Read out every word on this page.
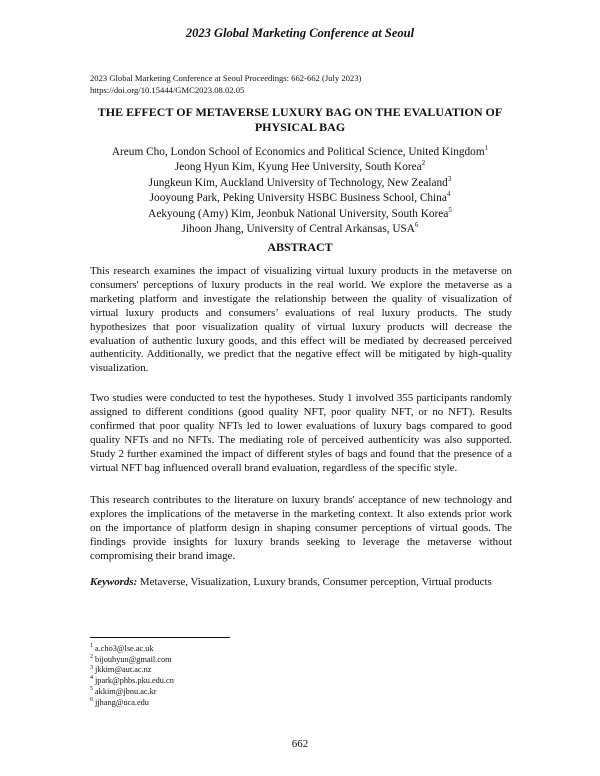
2023 Global Marketing Conference at Seoul
2023 Global Marketing Conference at Seoul Proceedings: 662-662 (July 2023)
https://doi.org/10.15444/GMC2023.08.02.05
THE EFFECT OF METAVERSE LUXURY BAG ON THE EVALUATION OF
PHYSICAL BAG
Areum Cho, London School of Economics and Political Science, United Kingdom$^1$
Jeong Hyun Kim, Kyung Hee University, South Korea$^2$
Jungkeun Kim, Auckland University of Technology, New Zealand$^3$
Jooyoung Park, Peking University HSBC Business School, China$^4$
Aekyoung (Amy) Kim, Jeonbuk National University, South Korea$^5$
Jihoon Jhang, University of Central Arkansas, USA$^6$
ABSTRACT
This research examines the impact of visualizing virtual luxury products in the metaverse on consumers' perceptions of luxury products in the real world. We explore the metaverse as a marketing platform and investigate the relationship between the quality of visualization of virtual luxury products and consumers’ evaluations of real luxury products. The study hypothesizes that poor visualization quality of virtual luxury products will decrease the evaluation of authentic luxury goods, and this effect will be mediated by decreased perceived authenticity. Additionally, we predict that the negative effect will be mitigated by high-quality visualization.
Two studies were conducted to test the hypotheses. Study 1 involved 355 participants randomly assigned to different conditions (good quality NFT, poor quality NFT, or no NFT). Results confirmed that poor quality NFTs led to lower evaluations of luxury bags compared to good quality NFTs and no NFTs. The mediating role of perceived authenticity was also supported. Study 2 further examined the impact of different styles of bags and found that the presence of a virtual NFT bag influenced overall brand evaluation, regardless of the specific style.
This research contributes to the literature on luxury brands' acceptance of new technology and explores the implications of the metaverse in the marketing context. It also extends prior work on the importance of platform design in shaping consumer perceptions of virtual goods. The findings provide insights for luxury brands seeking to leverage the metaverse without compromising their brand image.
Keywords: Metaverse, Visualization, Luxury brands, Consumer perception, Virtual products
$^1$ a.cho3@lse.ac.uk
$^2$ bijouhyun@gmail.com
$^3$ jkkim@aut.ac.nz
$^4$ jpark@phbs.pku.edu.cn
$^5$ akkim@jbnu.ac.kr
$^6$ jjhang@uca.edu
662
